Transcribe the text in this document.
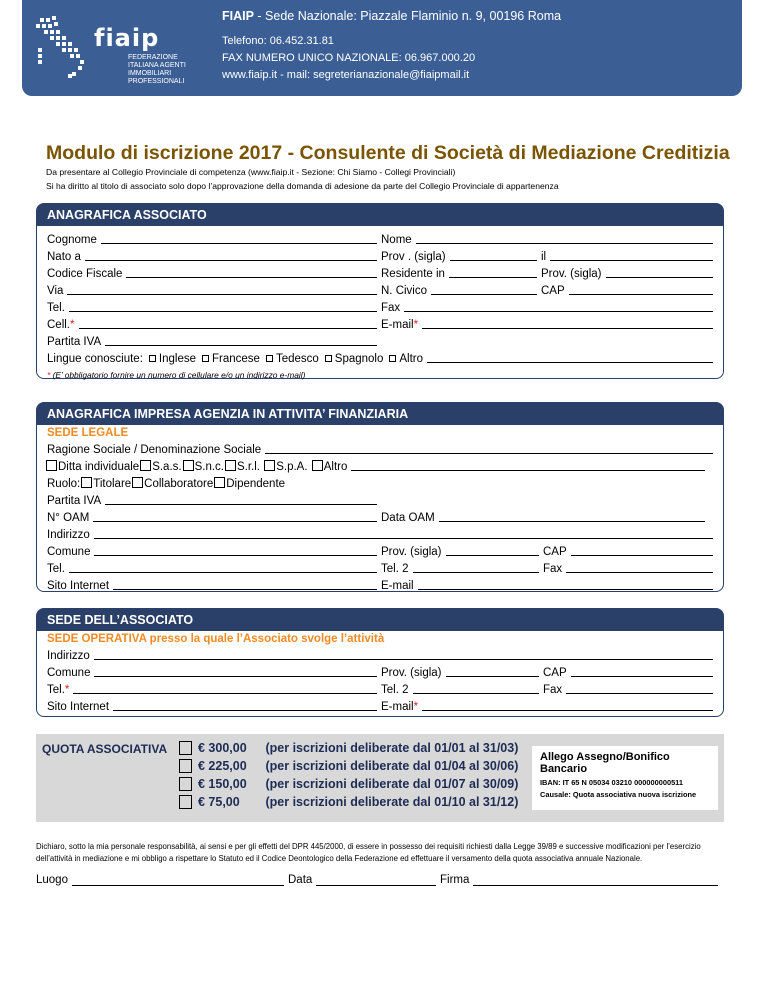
fiaip
FEDERAZIONE ITALIANA AGENTI IMMOBILIARI PROFESSIONALI
FIAIP - Sede Nazionale: Piazzale Flaminio n. 9, 00196 Roma
Telefono: 06.452.31.81
FAX NUMERO UNICO NAZIONALE: 06.967.000.20
www.fiaip.it - mail: segreterianazionale@fiaipmail.it
Modulo di iscrizione 2017 - Consulente di Società di Mediazione Creditizia
Da presentare al Collegio Provinciale di competenza (www.fiaip.it - Sezione: Chi Siamo - Collegi Provinciali)
Si ha diritto al titolo di associato solo dopo l’approvazione della domanda di adesione da parte del Collegio Provinciale di appartenenza
ANAGRAFICA ASSOCIATO
Cognome	Nome
Nato a	Prov . (sigla)	il
Codice Fiscale	Residente in	Prov. (sigla)
Via	N. Civico	CAP
Tel.	Fax
Cell.*	E-mail*
Partita IVA
Lingue conosciute: Inglese Francese Tedesco Spagnolo Altro
* (E’ obbligatorio fornire un numero di cellulare e/o un indirizzo e-mail)
ANAGRAFICA IMPRESA AGENZIA IN ATTIVITA’ FINANZIARIA
SEDE LEGALE
Ragione Sociale / Denominazione Sociale
Ditta individuale S.a.s. S.n.c. S.r.l. S.p.A. Altro
Ruolo: Titolare Collaboratore Dipendente
Partita IVA
N° OAM	Data OAM
Indirizzo
Comune	Prov. (sigla)	CAP
Tel.	Tel. 2	Fax
Sito Internet	E-mail
SEDE DELL’ASSOCIATO
SEDE OPERATIVA presso la quale l’Associato svolge l’attività
Indirizzo
Comune	Prov. (sigla)	CAP
Tel.*	Tel. 2	Fax
Sito Internet	E-mail*
QUOTA ASSOCIATIVA	€ 300,00 (per iscrizioni deliberate dal 01/01 al 31/03)
€ 225,00 (per iscrizioni deliberate dal 01/04 al 30/06)
€ 150,00 (per iscrizioni deliberate dal 01/07 al 30/09)
€ 75,00 (per iscrizioni deliberate dal 01/10 al 31/12)
Allego Assegno/Bonifico Bancario
IBAN: IT 65 N 05034 03210 000000000511
Causale: Quota associativa nuova iscrizione
Dichiaro, sotto la mia personale responsabilità, ai sensi e per gli effetti del DPR 445/2000, di essere in possesso dei requisiti richiesti dalla Legge 39/89 e successive modificazioni per l’esercizio dell’attività in mediazione e mi obbligo a rispettare lo Statuto ed il Codice Deontologico della Federazione ed effettuare il versamento della quota associativa annuale Nazionale.
Luogo	Data	Firma
